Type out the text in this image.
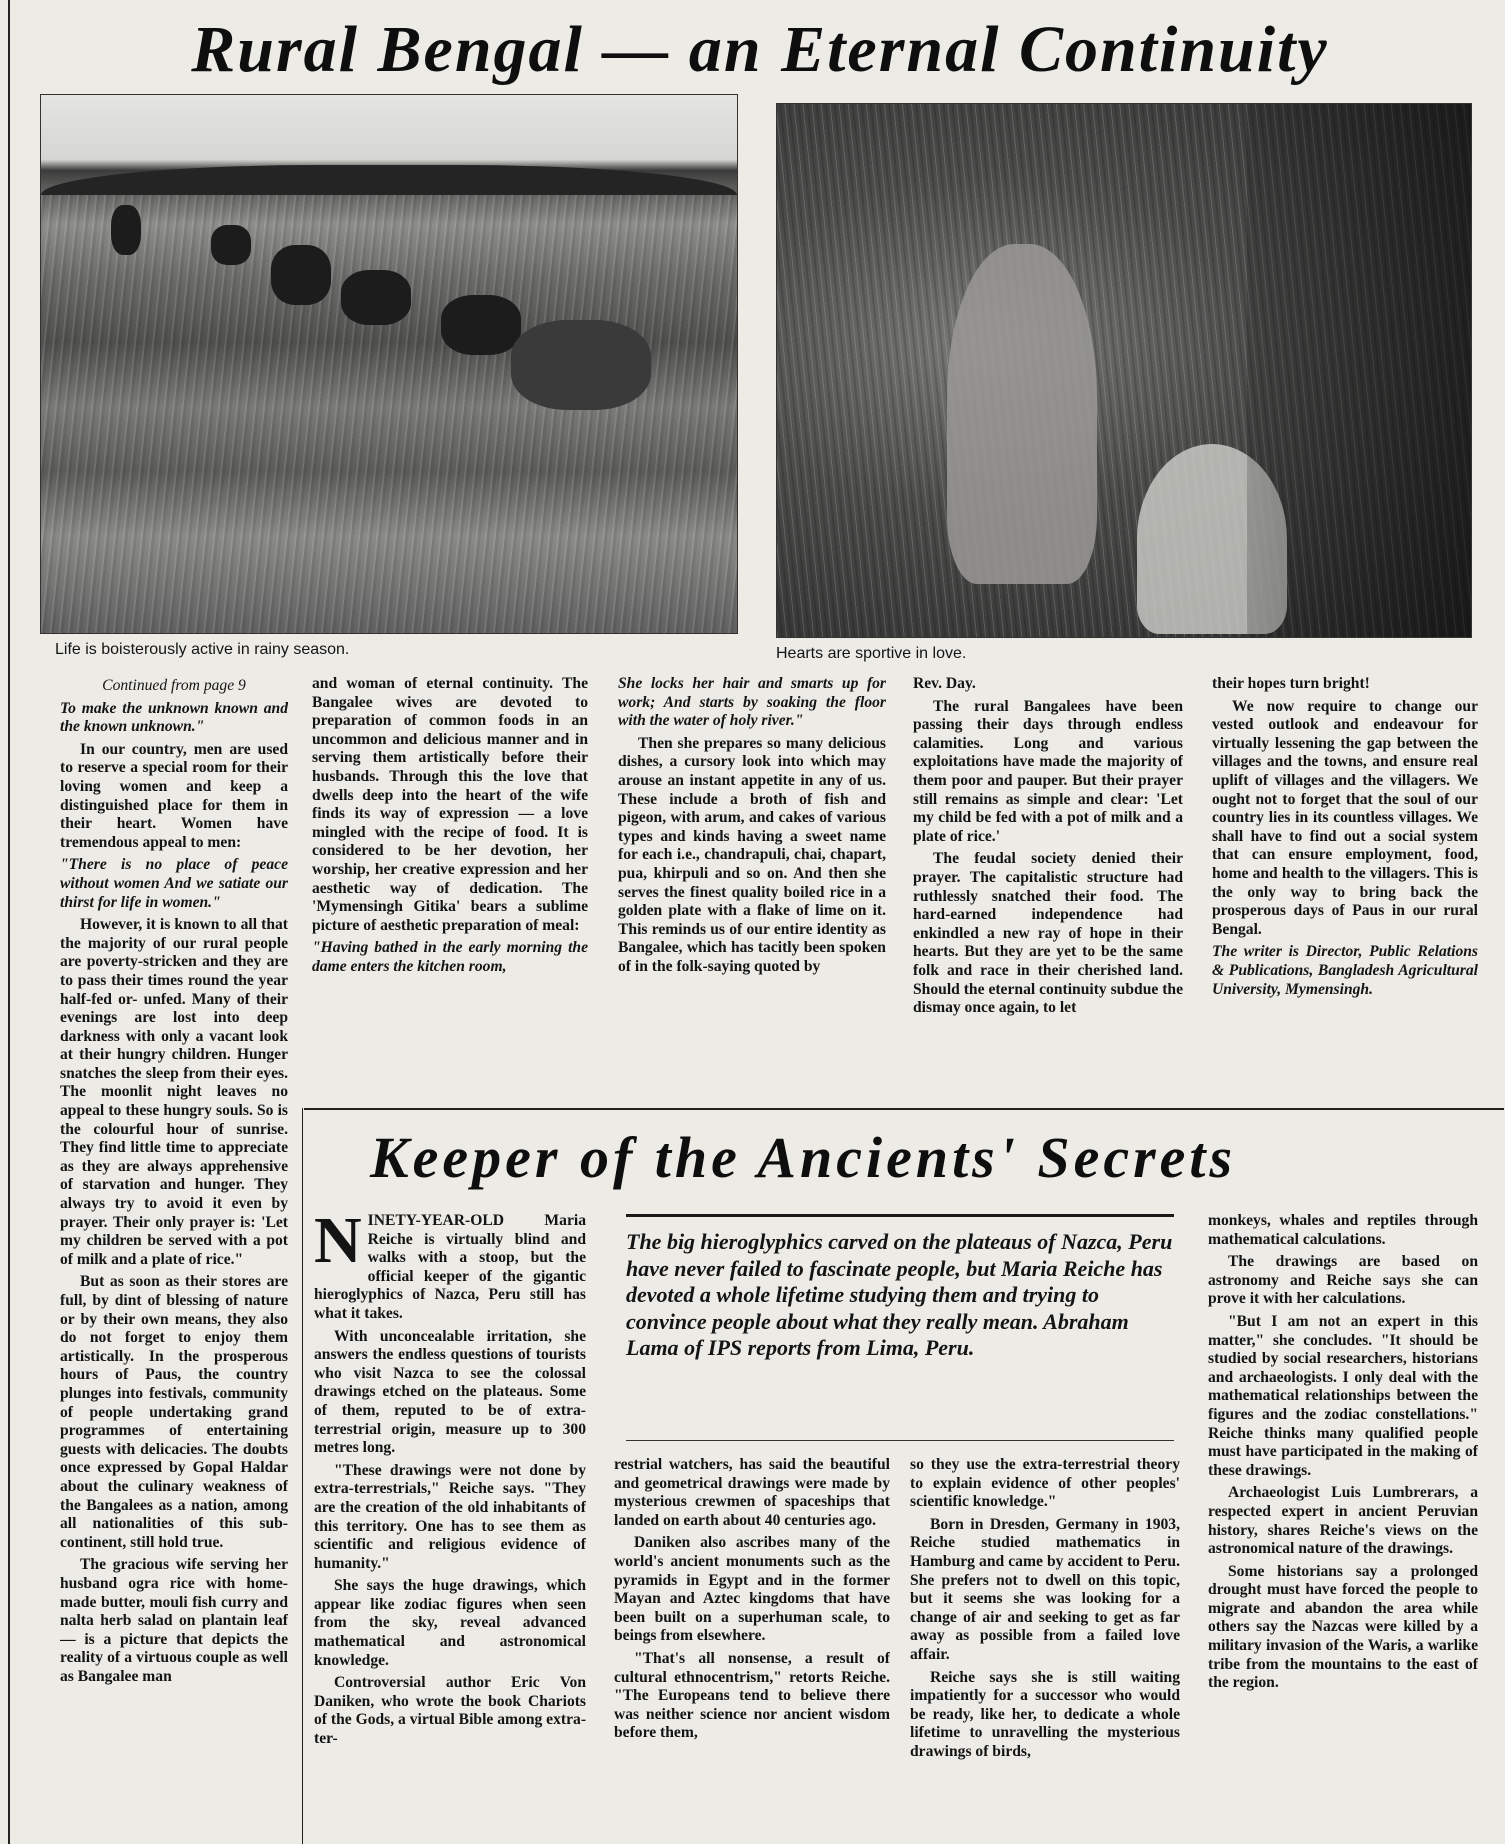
Rural Bengal — an Eternal Continuity
Life is boisterously active in rainy season.	Hearts are sportive in love.

Continued from page 9

To make the unknown known and the known unknown."

In our country, men are used to reserve a special room for their loving women and keep a distinguished place for them in their heart. Women have tremendous appeal to men:

"There is no place of peace without women And we satiate our thirst for life in women."

However, it is known to all that the majority of our rural people are poverty-stricken and they are to pass their times round the year half-fed or- unfed. Many of their evenings are lost into deep darkness with only a vacant look at their hungry children. Hunger snatches the sleep from their eyes. The moonlit night leaves no appeal to these hungry souls. So is the colourful hour of sunrise. They find little time to appreciate as they are always apprehensive of starvation and hunger. They always try to avoid it even by prayer. Their only prayer is: 'Let my children be served with a pot of milk and a plate of rice."

But as soon as their stores are full, by dint of blessing of nature or by their own means, they also do not forget to enjoy them artistically. In the prosperous hours of Paus, the country plunges into festivals, community of people undertaking grand programmes of entertaining guests with delicacies. The doubts once expressed by Gopal Haldar about the culinary weakness of the Bangalees as a nation, among all nationalities of this sub-continent, still hold true.

The gracious wife serving her husband ogra rice with home-made butter, mouli fish curry and nalta herb salad on plantain leaf — is a picture that depicts the reality of a virtuous couple as well as Bangalee man

and woman of eternal continuity. The Bangalee wives are devoted to preparation of common foods in an uncommon and delicious manner and in serving them artistically before their husbands. Through this the love that dwells deep into the heart of the wife finds its way of expression — a love mingled with the recipe of food. It is considered to be her devotion, her worship, her creative expression and her aesthetic way of dedication. The 'Mymensingh Gitika' bears a sublime picture of aesthetic preparation of meal:

"Having bathed in the early morning the dame enters the kitchen room,

She locks her hair and smarts up for work; And starts by soaking the floor with the water of holy river."

Then she prepares so many delicious dishes, a cursory look into which may arouse an instant appetite in any of us. These include a broth of fish and pigeon, with arum, and cakes of various types and kinds having a sweet name for each i.e., chandrapuli, chai, chapart, pua, khirpuli and so on. And then she serves the finest quality boiled rice in a golden plate with a flake of lime on it. This reminds us of our entire identity as Bangalee, which has tacitly been spoken of in the folk-saying quoted by

Rev. Day.

The rural Bangalees have been passing their days through endless calamities. Long and various exploitations have made the majority of them poor and pauper. But their prayer still remains as simple and clear: 'Let my child be fed with a pot of milk and a plate of rice.'

The feudal society denied their prayer. The capitalistic structure had ruthlessly snatched their food. The hard-earned independence had enkindled a new ray of hope in their hearts. But they are yet to be the same folk and race in their cherished land. Should the eternal continuity subdue the dismay once again, to let

their hopes turn bright!

We now require to change our vested outlook and endeavour for virtually lessening the gap between the villages and the towns, and ensure real uplift of villages and the villagers. We ought not to forget that the soul of our country lies in its countless villages. We shall have to find out a social system that can ensure employment, food, home and health to the villagers. This is the only way to bring back the prosperous days of Paus in our rural Bengal.

The writer is Director, Public Relations & Publications, Bangladesh Agricultural University, Mymensingh.

Keeper of the Ancients' Secrets

NINETY-YEAR-OLD Maria Reiche is virtually blind and walks with a stoop, but the official keeper of the gigantic hieroglyphics of Nazca, Peru still has what it takes.

With unconcealable irritation, she answers the endless questions of tourists who visit Nazca to see the colossal drawings etched on the plateaus. Some of them, reputed to be of extra-terrestrial origin, measure up to 300 metres long.

"These drawings were not done by extra-terrestrials," Reiche says. "They are the creation of the old inhabitants of this territory. One has to see them as scientific and religious evidence of humanity."

She says the huge drawings, which appear like zodiac figures when seen from the sky, reveal advanced mathematical and astronomical knowledge.

Controversial author Eric Von Daniken, who wrote the book Chariots of the Gods, a virtual Bible among extra-ter-

The big hieroglyphics carved on the plateaus of Nazca, Peru have never failed to fascinate people, but Maria Reiche has devoted a whole lifetime studying them and trying to convince people about what they really mean. Abraham Lama of IPS reports from Lima, Peru.

restrial watchers, has said the beautiful and geometrical drawings were made by mysterious crewmen of spaceships that landed on earth about 40 centuries ago.

Daniken also ascribes many of the world's ancient monuments such as the pyramids in Egypt and in the former Mayan and Aztec kingdoms that have been built on a superhuman scale, to beings from elsewhere.

"That's all nonsense, a result of cultural ethnocentrism," retorts Reiche. "The Europeans tend to believe there was neither science nor ancient wisdom before them,

so they use the extra-terrestrial theory to explain evidence of other peoples' scientific knowledge."

Born in Dresden, Germany in 1903, Reiche studied mathematics in Hamburg and came by accident to Peru. She prefers not to dwell on this topic, but it seems she was looking for a change of air and seeking to get as far away as possible from a failed love affair.

Reiche says she is still waiting impatiently for a successor who would be ready, like her, to dedicate a whole lifetime to unravelling the mysterious drawings of birds,

monkeys, whales and reptiles through mathematical calculations.

The drawings are based on astronomy and Reiche says she can prove it with her calculations.

"But I am not an expert in this matter," she concludes. "It should be studied by social researchers, historians and archaeologists. I only deal with the mathematical relationships between the figures and the zodiac constellations." Reiche thinks many qualified people must have participated in the making of these drawings.

Archaeologist Luis Lumbrerars, a respected expert in ancient Peruvian history, shares Reiche's views on the astronomical nature of the drawings.

Some historians say a prolonged drought must have forced the people to migrate and abandon the area while others say the Nazcas were killed by a military invasion of the Waris, a warlike tribe from the mountains to the east of the region.
